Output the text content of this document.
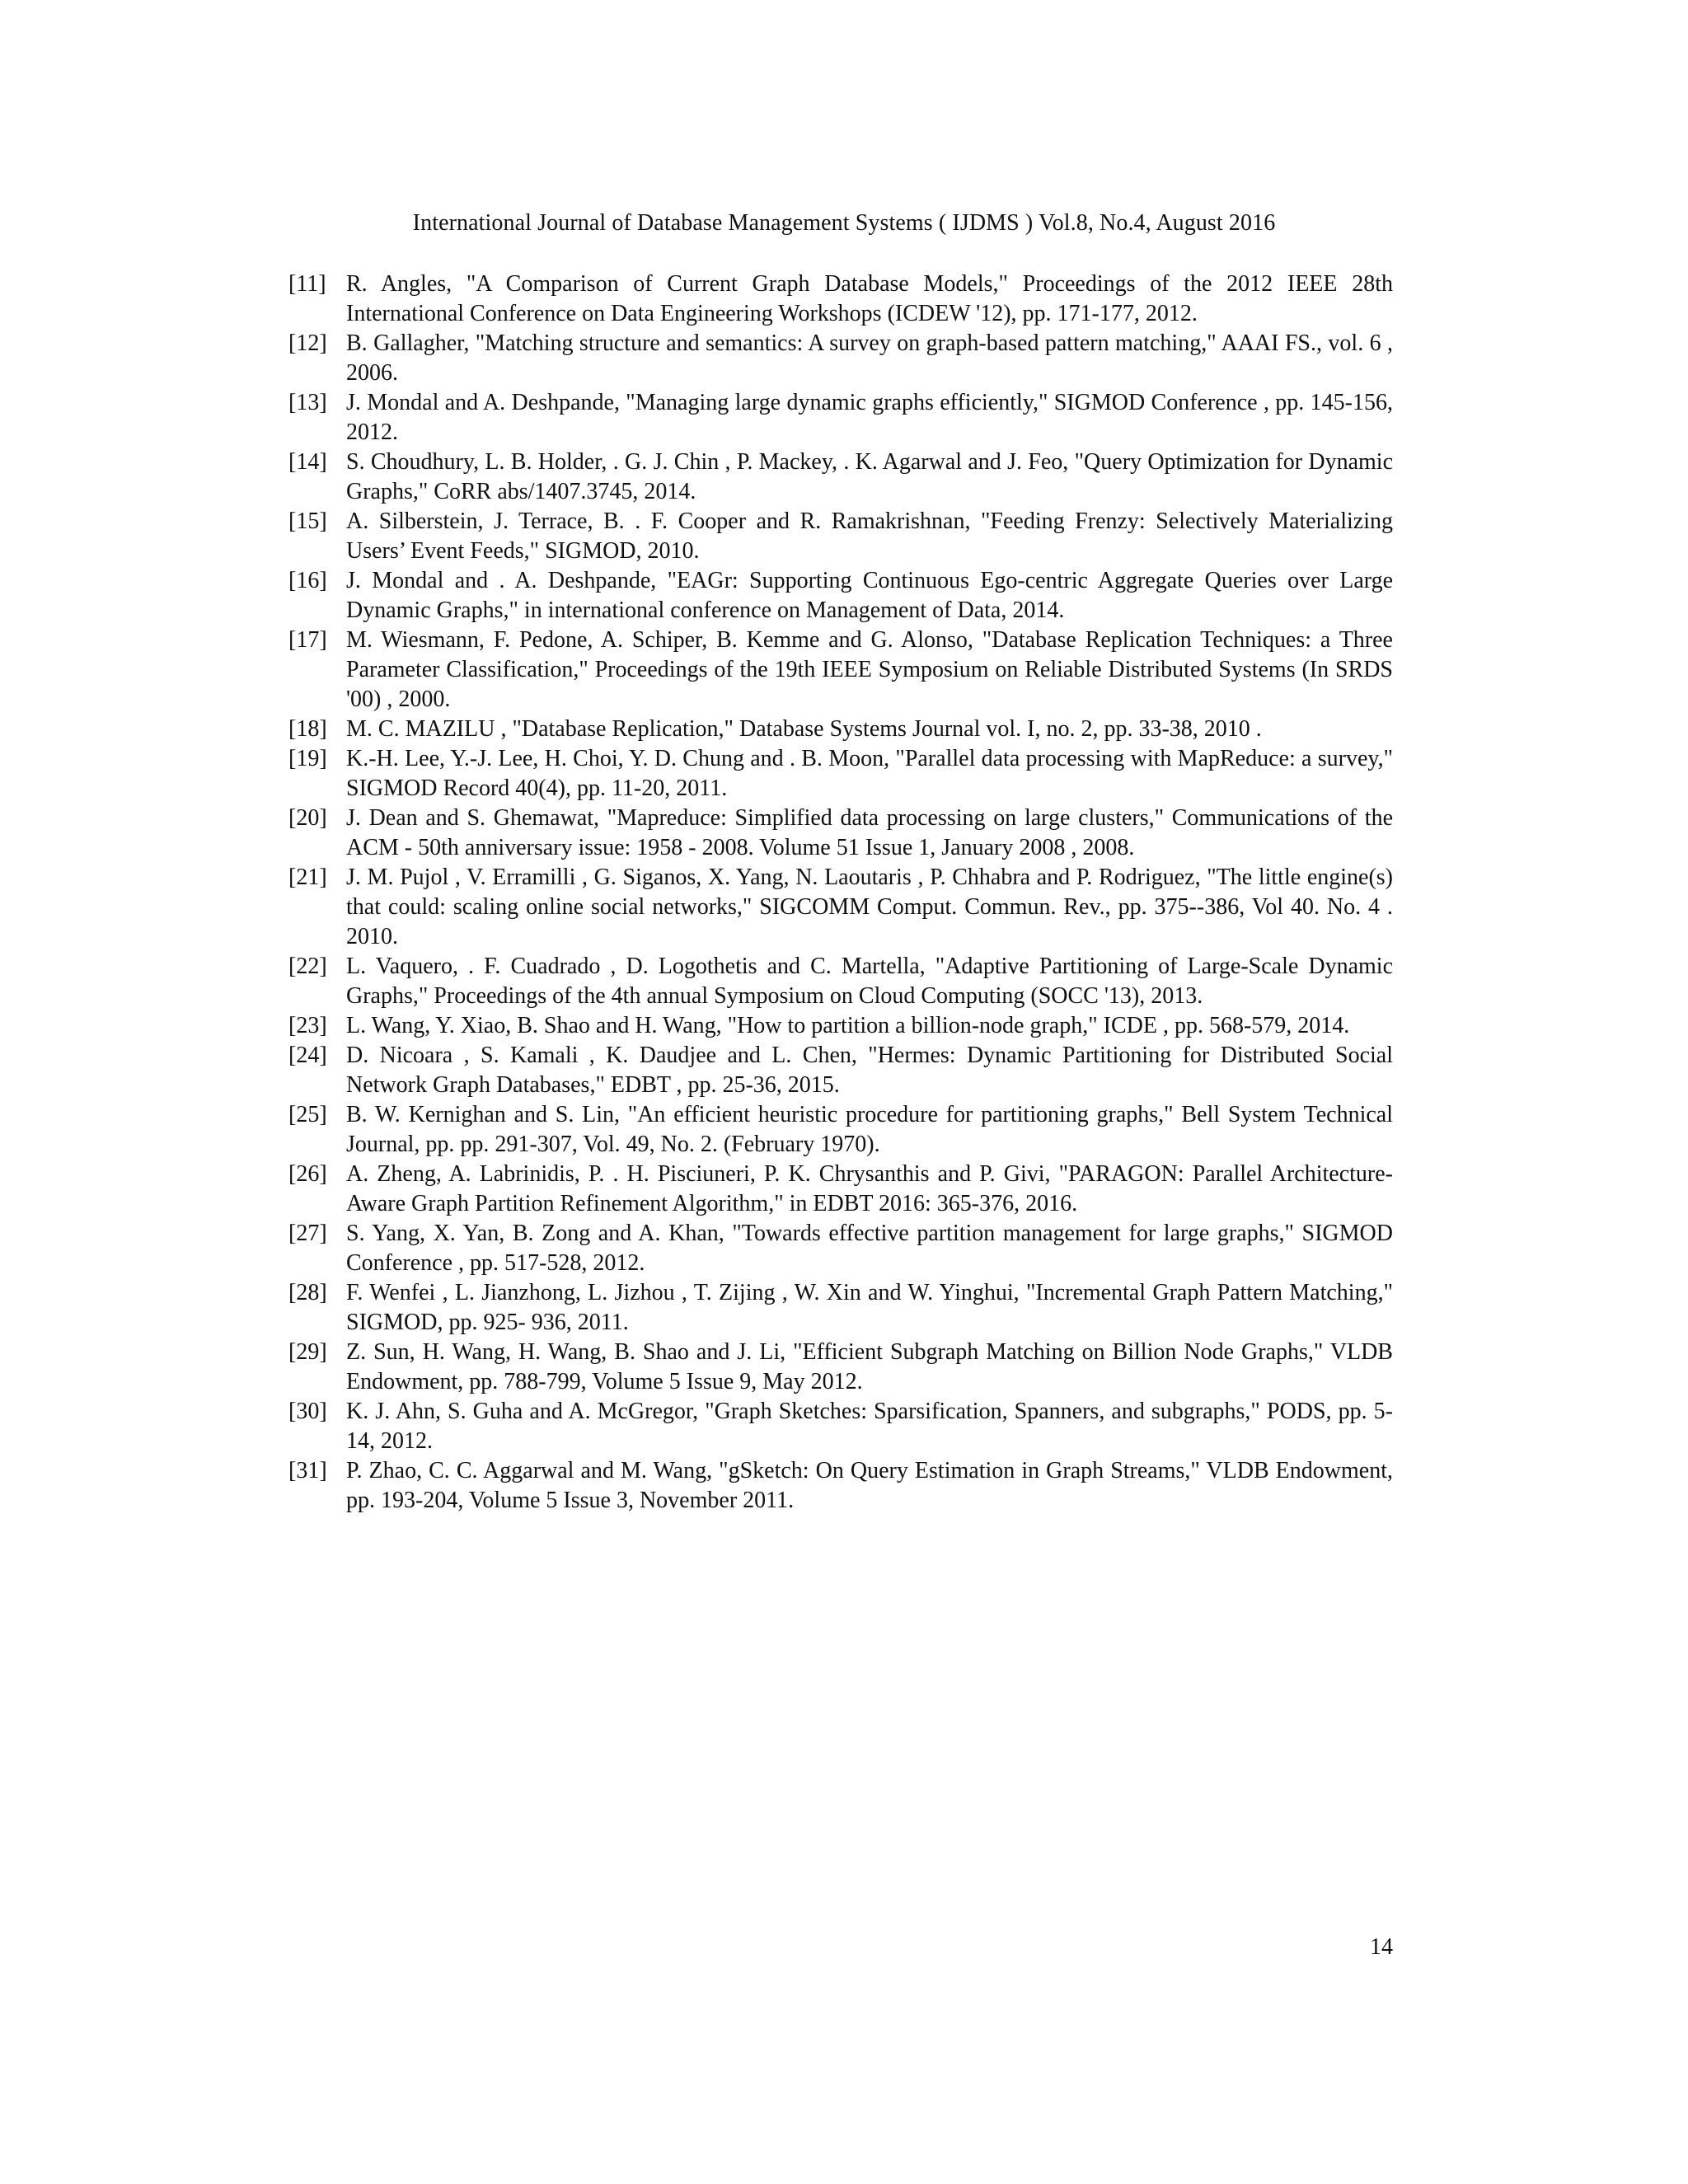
International Journal of Database Management Systems ( IJDMS ) Vol.8, No.4, August 2016
[11] R. Angles, "A Comparison of Current Graph Database Models," Proceedings of the 2012 IEEE 28th International Conference on Data Engineering Workshops (ICDEW '12), pp. 171-177, 2012.
[12] B. Gallagher, "Matching structure and semantics: A survey on graph-based pattern matching," AAAI FS., vol. 6 , 2006.
[13] J. Mondal and A. Deshpande, "Managing large dynamic graphs efficiently," SIGMOD Conference , pp. 145-156, 2012.
[14] S. Choudhury, L. B. Holder, . G. J. Chin , P. Mackey, . K. Agarwal and J. Feo, "Query Optimization for Dynamic Graphs," CoRR abs/1407.3745, 2014.
[15] A. Silberstein, J. Terrace, B. . F. Cooper and R. Ramakrishnan, "Feeding Frenzy: Selectively Materializing Users’ Event Feeds," SIGMOD, 2010.
[16] J. Mondal and . A. Deshpande, "EAGr: Supporting Continuous Ego-centric Aggregate Queries over Large Dynamic Graphs," in international conference on Management of Data, 2014.
[17] M. Wiesmann, F. Pedone, A. Schiper, B. Kemme and G. Alonso, "Database Replication Techniques: a Three Parameter Classification," Proceedings of the 19th IEEE Symposium on Reliable Distributed Systems (In SRDS '00) , 2000.
[18] M. C. MAZILU , "Database Replication," Database Systems Journal vol. I, no. 2, pp. 33-38, 2010 .
[19] K.-H. Lee, Y.-J. Lee, H. Choi, Y. D. Chung and . B. Moon, "Parallel data processing with MapReduce: a survey," SIGMOD Record 40(4), pp. 11-20, 2011.
[20] J. Dean and S. Ghemawat, "Mapreduce: Simplified data processing on large clusters," Communications of the ACM - 50th anniversary issue: 1958 - 2008. Volume 51 Issue 1, January 2008 , 2008.
[21] J. M. Pujol , V. Erramilli , G. Siganos, X. Yang, N. Laoutaris , P. Chhabra and P. Rodriguez, "The little engine(s) that could: scaling online social networks," SIGCOMM Comput. Commun. Rev., pp. 375--386, Vol 40. No. 4 . 2010.
[22] L. Vaquero, . F. Cuadrado , D. Logothetis and C. Martella, "Adaptive Partitioning of Large-Scale Dynamic Graphs," Proceedings of the 4th annual Symposium on Cloud Computing (SOCC '13), 2013.
[23] L. Wang, Y. Xiao, B. Shao and H. Wang, "How to partition a billion-node graph," ICDE , pp. 568-579, 2014.
[24] D. Nicoara , S. Kamali , K. Daudjee and L. Chen, "Hermes: Dynamic Partitioning for Distributed Social Network Graph Databases," EDBT , pp. 25-36, 2015.
[25] B. W. Kernighan and S. Lin, "An efficient heuristic procedure for partitioning graphs," Bell System Technical Journal, pp. pp. 291-307, Vol. 49, No. 2. (February 1970).
[26] A. Zheng, A. Labrinidis, P. . H. Pisciuneri, P. K. Chrysanthis and P. Givi, "PARAGON: Parallel Architecture-Aware Graph Partition Refinement Algorithm," in EDBT 2016: 365-376, 2016.
[27] S. Yang, X. Yan, B. Zong and A. Khan, "Towards effective partition management for large graphs," SIGMOD Conference , pp. 517-528, 2012.
[28] F. Wenfei , L. Jianzhong, L. Jizhou , T. Zijing , W. Xin and W. Yinghui, "Incremental Graph Pattern Matching," SIGMOD, pp. 925- 936, 2011.
[29] Z. Sun, H. Wang, H. Wang, B. Shao and J. Li, "Efficient Subgraph Matching on Billion Node Graphs," VLDB Endowment, pp. 788-799, Volume 5 Issue 9, May 2012.
[30] K. J. Ahn, S. Guha and A. McGregor, "Graph Sketches: Sparsification, Spanners, and subgraphs," PODS, pp. 5-14, 2012.
[31] P. Zhao, C. C. Aggarwal and M. Wang, "gSketch: On Query Estimation in Graph Streams," VLDB Endowment, pp. 193-204, Volume 5 Issue 3, November 2011.
14
